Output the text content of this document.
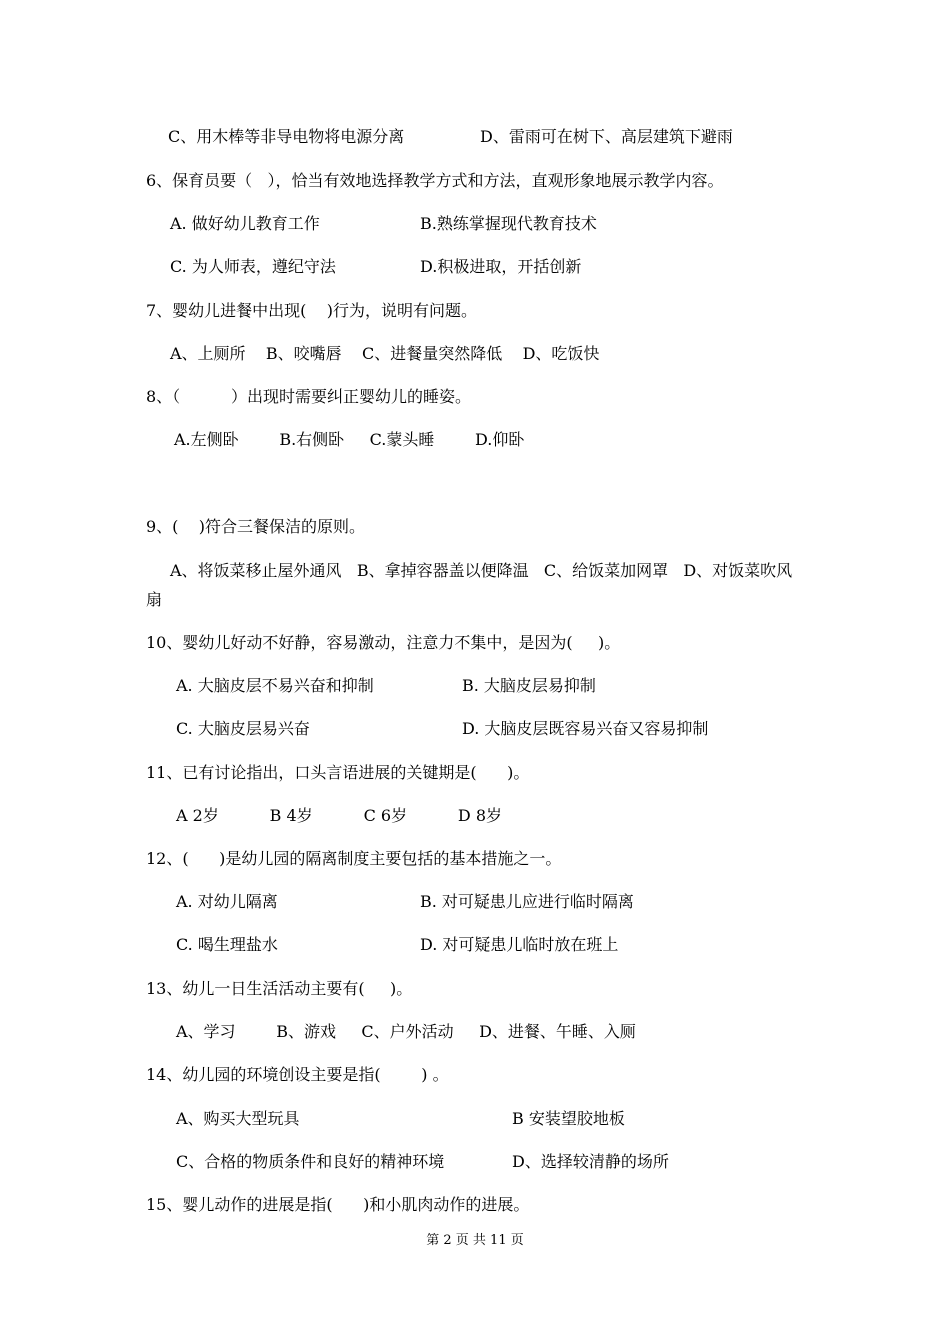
C、用木棒等非导电物将电源分离	D、雷雨可在树下、高层建筑下避雨
6、保育员要（   ），恰当有效地选择教学方式和方法，直观形象地展示教学内容。
A. 做好幼儿教育工作	B.熟练掌握现代教育技术
C. 为人师表，遵纪守法	D.积极进取，开括创新
7、婴幼儿进餐中出现(    )行为，说明有问题。
A、上厕所    B、咬嘴唇    C、进餐量突然降低    D、吃饭快
8、（          ）出现时需要纠正婴幼儿的睡姿。
A.左侧卧        B.右侧卧     C.蒙头睡        D.仰卧
9、(    )符合三餐保洁的原则。
A、将饭菜移止屋外通风   B、拿掉容器盖以便降温   C、给饭菜加网罩   D、对饭菜吹风
扇
10、婴幼儿好动不好静，容易激动，注意力不集中，是因为(     )。
A. 大脑皮层不易兴奋和抑制	B. 大脑皮层易抑制
C. 大脑皮层易兴奋	D. 大脑皮层既容易兴奋又容易抑制
11、已有讨论指出，口头言语进展的关键期是(      )。
A 2岁          B 4岁          C 6岁          D 8岁
12、(      )是幼儿园的隔离制度主要包括的基本措施之一。
A. 对幼儿隔离	B. 对可疑患儿应进行临时隔离
C. 喝生理盐水	D. 对可疑患儿临时放在班上
13、幼儿一日生活活动主要有(     )。
A、学习        B、游戏     C、户外活动     D、进餐、午睡、入厕
14、幼儿园的环境创设主要是指(        ) 。
A、购买大型玩具	B 安装望胶地板
C、合格的物质条件和良好的精神环境	D、选择较清静的场所
15、婴儿动作的进展是指(      )和小肌肉动作的进展。
第 2 页 共 11 页
